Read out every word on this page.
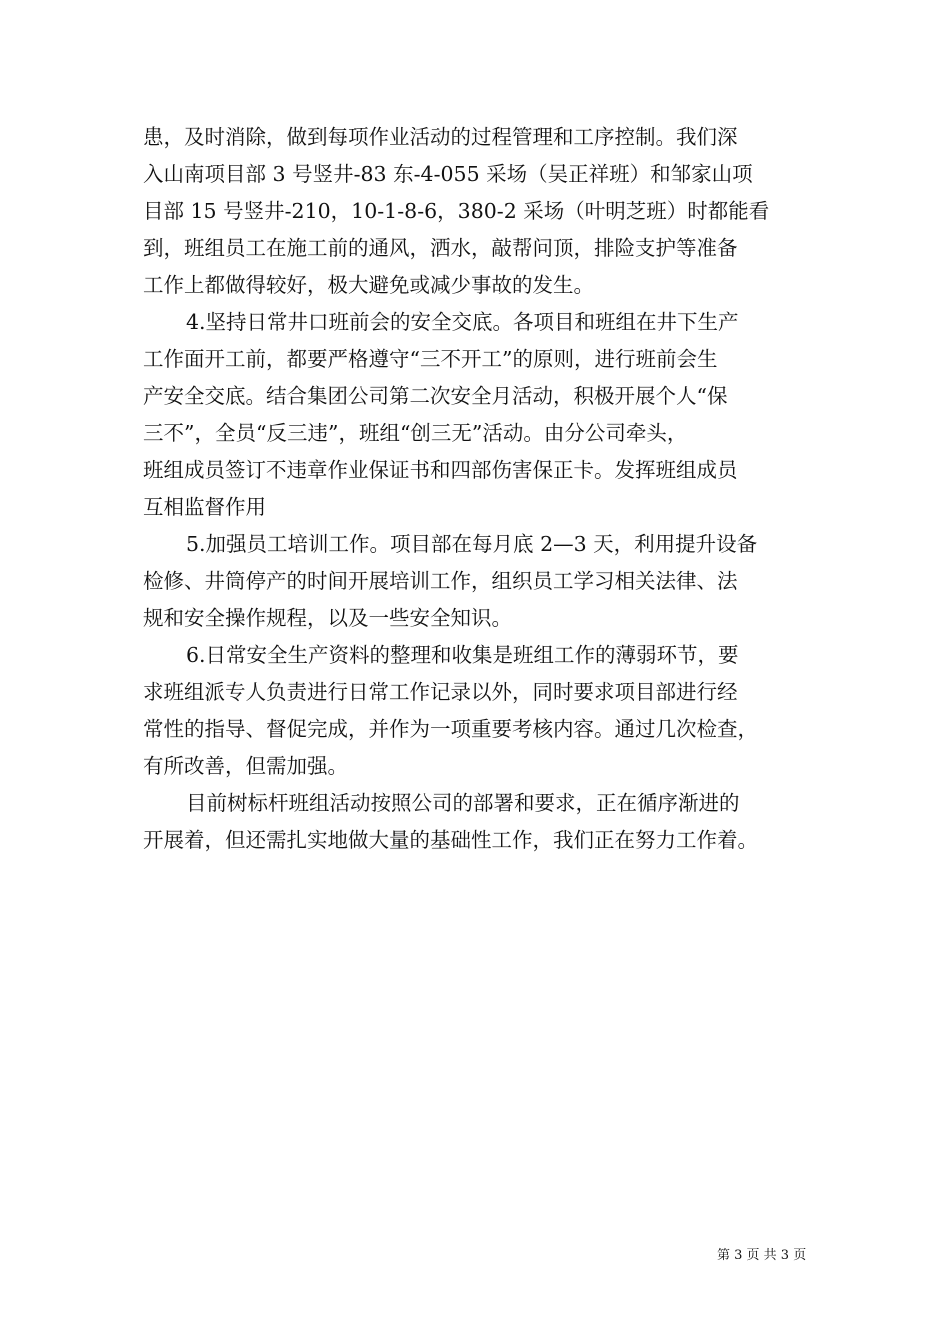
患，及时消除，做到每项作业活动的过程管理和工序控制。我们深
入山南项目部 3 号竖井-83 东-4-055 采场（吴正祥班）和邹家山项
目部 15 号竖井-210，10-1-8-6，380-2 采场（叶明芝班）时都能看
到，班组员工在施工前的通风，洒水，敲帮问顶，排险支护等准备
工作上都做得较好，极大避免或减少事故的发生。
4.坚持日常井口班前会的安全交底。各项目和班组在井下生产
工作面开工前，都要严格遵守“三不开工”的原则，进行班前会生
产安全交底。结合集团公司第二次安全月活动，积极开展个人“保
三不”，全员“反三违”，班组“创三无”活动。由分公司牵头，
班组成员签订不违章作业保证书和四部伤害保正卡。发挥班组成员
互相监督作用
5.加强员工培训工作。项目部在每月底 2—3 天，利用提升设备
检修、井筒停产的时间开展培训工作，组织员工学习相关法律、法
规和安全操作规程，以及一些安全知识。
6.日常安全生产资料的整理和收集是班组工作的薄弱环节，要
求班组派专人负责进行日常工作记录以外，同时要求项目部进行经
常性的指导、督促完成，并作为一项重要考核内容。通过几次检查，
有所改善，但需加强。
目前树标杆班组活动按照公司的部署和要求，正在循序渐进的
开展着，但还需扎实地做大量的基础性工作，我们正在努力工作着。
第 3 页 共 3 页
